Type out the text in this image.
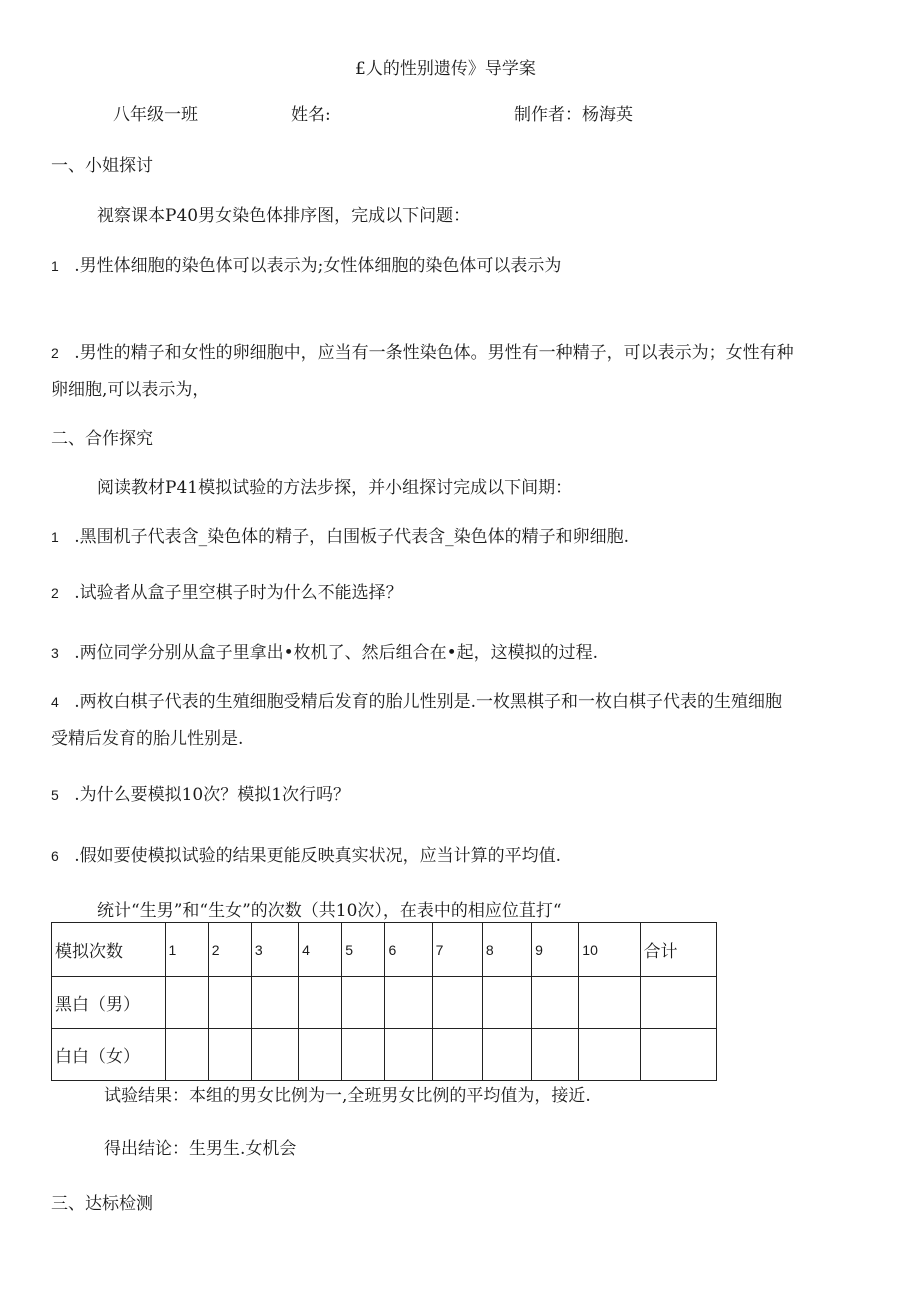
£人的性别遗传》导学案
八年级一班	姓名:	制作者：杨海英
一、小姐探讨
视察课本P40男女染色体排序图，完成以下问题：
1 .男性体细胞的染色体可以表示为;女性体细胞的染色体可以表示为
2 .男性的精子和女性的卵细胞中，应当有一条性染色体。男性有一种精子，可以表示为；女性有种
卵细胞,可以表示为，
二、合作探究
阅读教材P41模拟试验的方法步探，并小组探讨完成以下间期：
1 .黑围机子代表含_染色体的精子，白围板子代表含_染色体的精子和卵细胞.
2 .试验者从盒子里空棋子时为什么不能选择？
3 .两位同学分别从盒子里拿出•枚机了、然后组合在•起，这模拟的过程.
4 .两枚白棋子代表的生殖细胞受精后发育的胎儿性别是.一枚黑棋子和一枚白棋子代表的生殖细胞
受精后发育的胎儿性别是.
5 .为什么要模拟10次？模拟1次行吗？
6 .假如要使模拟试验的结果更能反映真实状况，应当计算的平均值.
统计“生男”和“生女”的次数（共10次），在表中的相应位苴打“
模拟次数	1	2	3	4	5	6	7	8	9	10	合计
黑白（男）											
白白（女）											
试验结果：本组的男女比例为一,全班男女比例的平均值为，接近.
得出结论：生男生.女机会
三、达标检测
